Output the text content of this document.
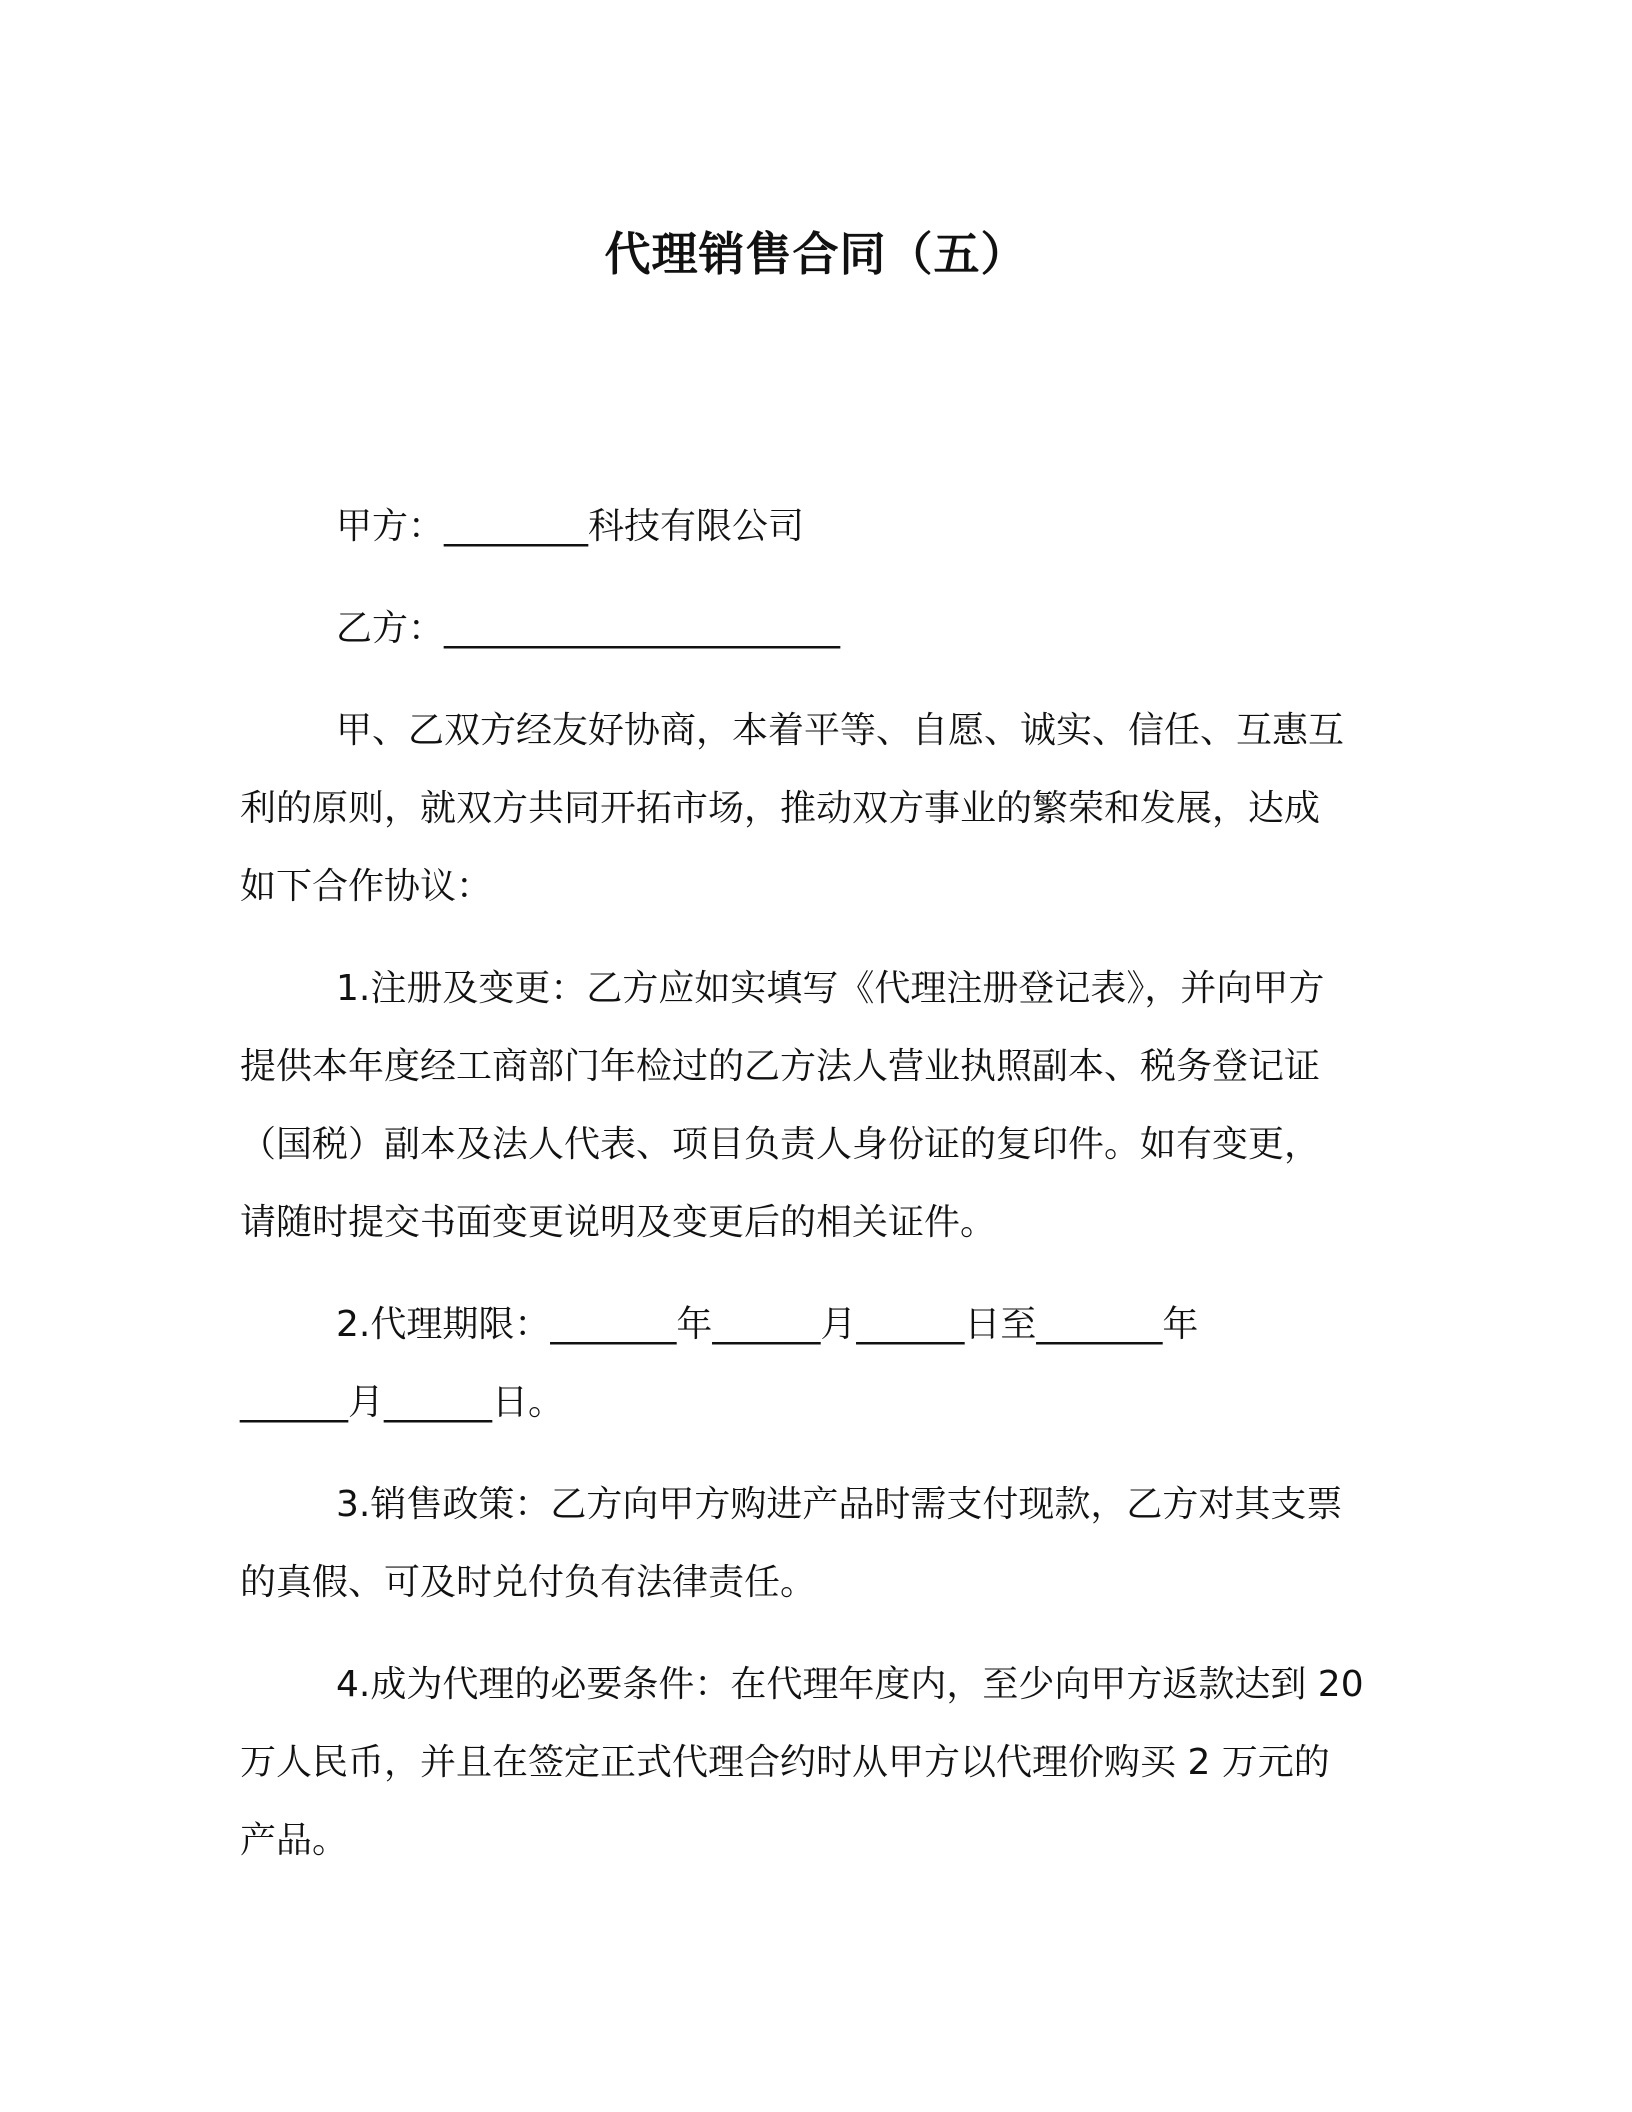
代理销售合同（五）
甲方：________科技有限公司
乙方：______________________
甲、乙双方经友好协商，本着平等、自愿、诚实、信任、互惠互
利的原则，就双方共同开拓市场，推动双方事业的繁荣和发展，达成
如下合作协议：
1.注册及变更：乙方应如实填写《代理注册登记表》，并向甲方
提供本年度经工商部门年检过的乙方法人营业执照副本、税务登记证
（国税）副本及法人代表、项目负责人身份证的复印件。如有变更，
请随时提交书面变更说明及变更后的相关证件。
2.代理期限：_______年______月______日至_______年
______月______日。
3.销售政策：乙方向甲方购进产品时需支付现款，乙方对其支票
的真假、可及时兑付负有法律责任。
4.成为代理的必要条件：在代理年度内，至少向甲方返款达到 20
万人民币，并且在签定正式代理合约时从甲方以代理价购买 2 万元的
产品。
